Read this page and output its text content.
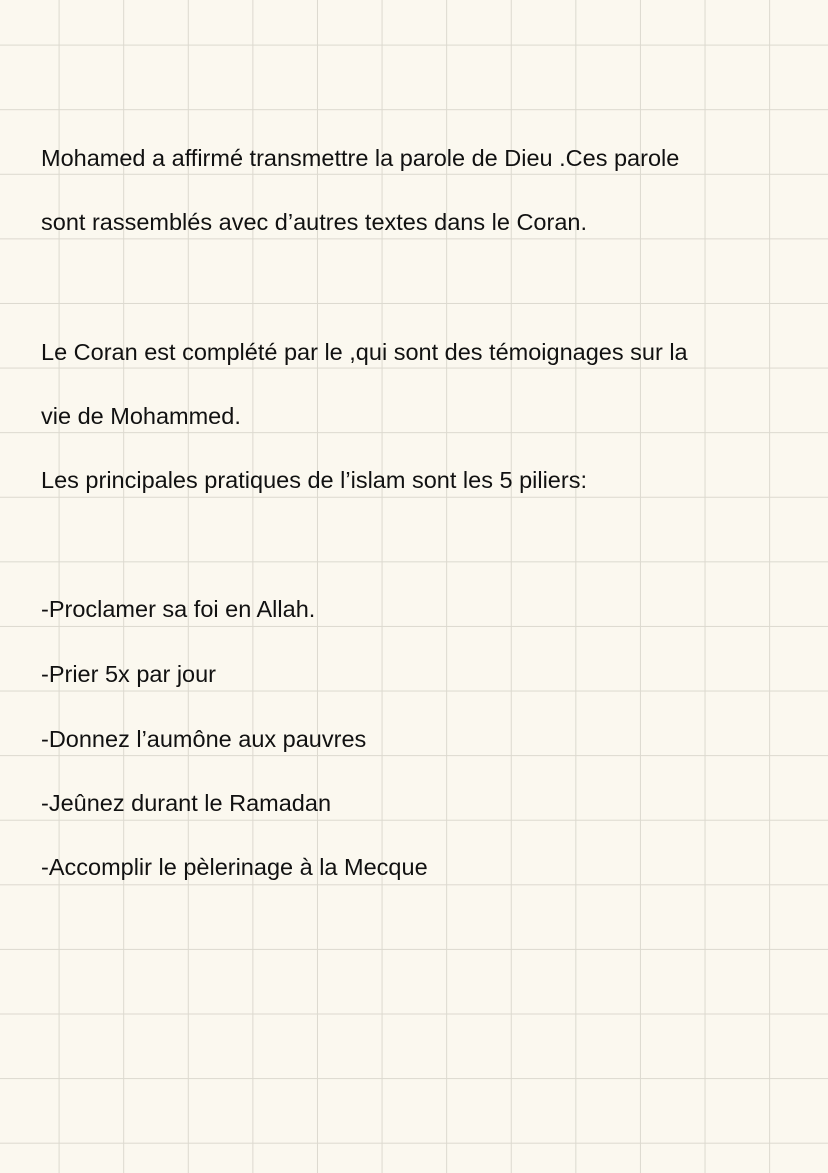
Mohamed a affirmé transmettre la parole de Dieu .Ces parole

sont rassemblés avec d’autres textes dans le Coran.

Le Coran est complété par le ,qui sont des témoignages sur la

vie de Mohammed.

Les principales pratiques de l’islam sont les 5 piliers:

-Proclamer sa foi en Allah.

-Prier 5x par jour

-Donnez l’aumône aux pauvres

-Jeûnez durant le Ramadan

-Accomplir le pèlerinage à la Mecque
